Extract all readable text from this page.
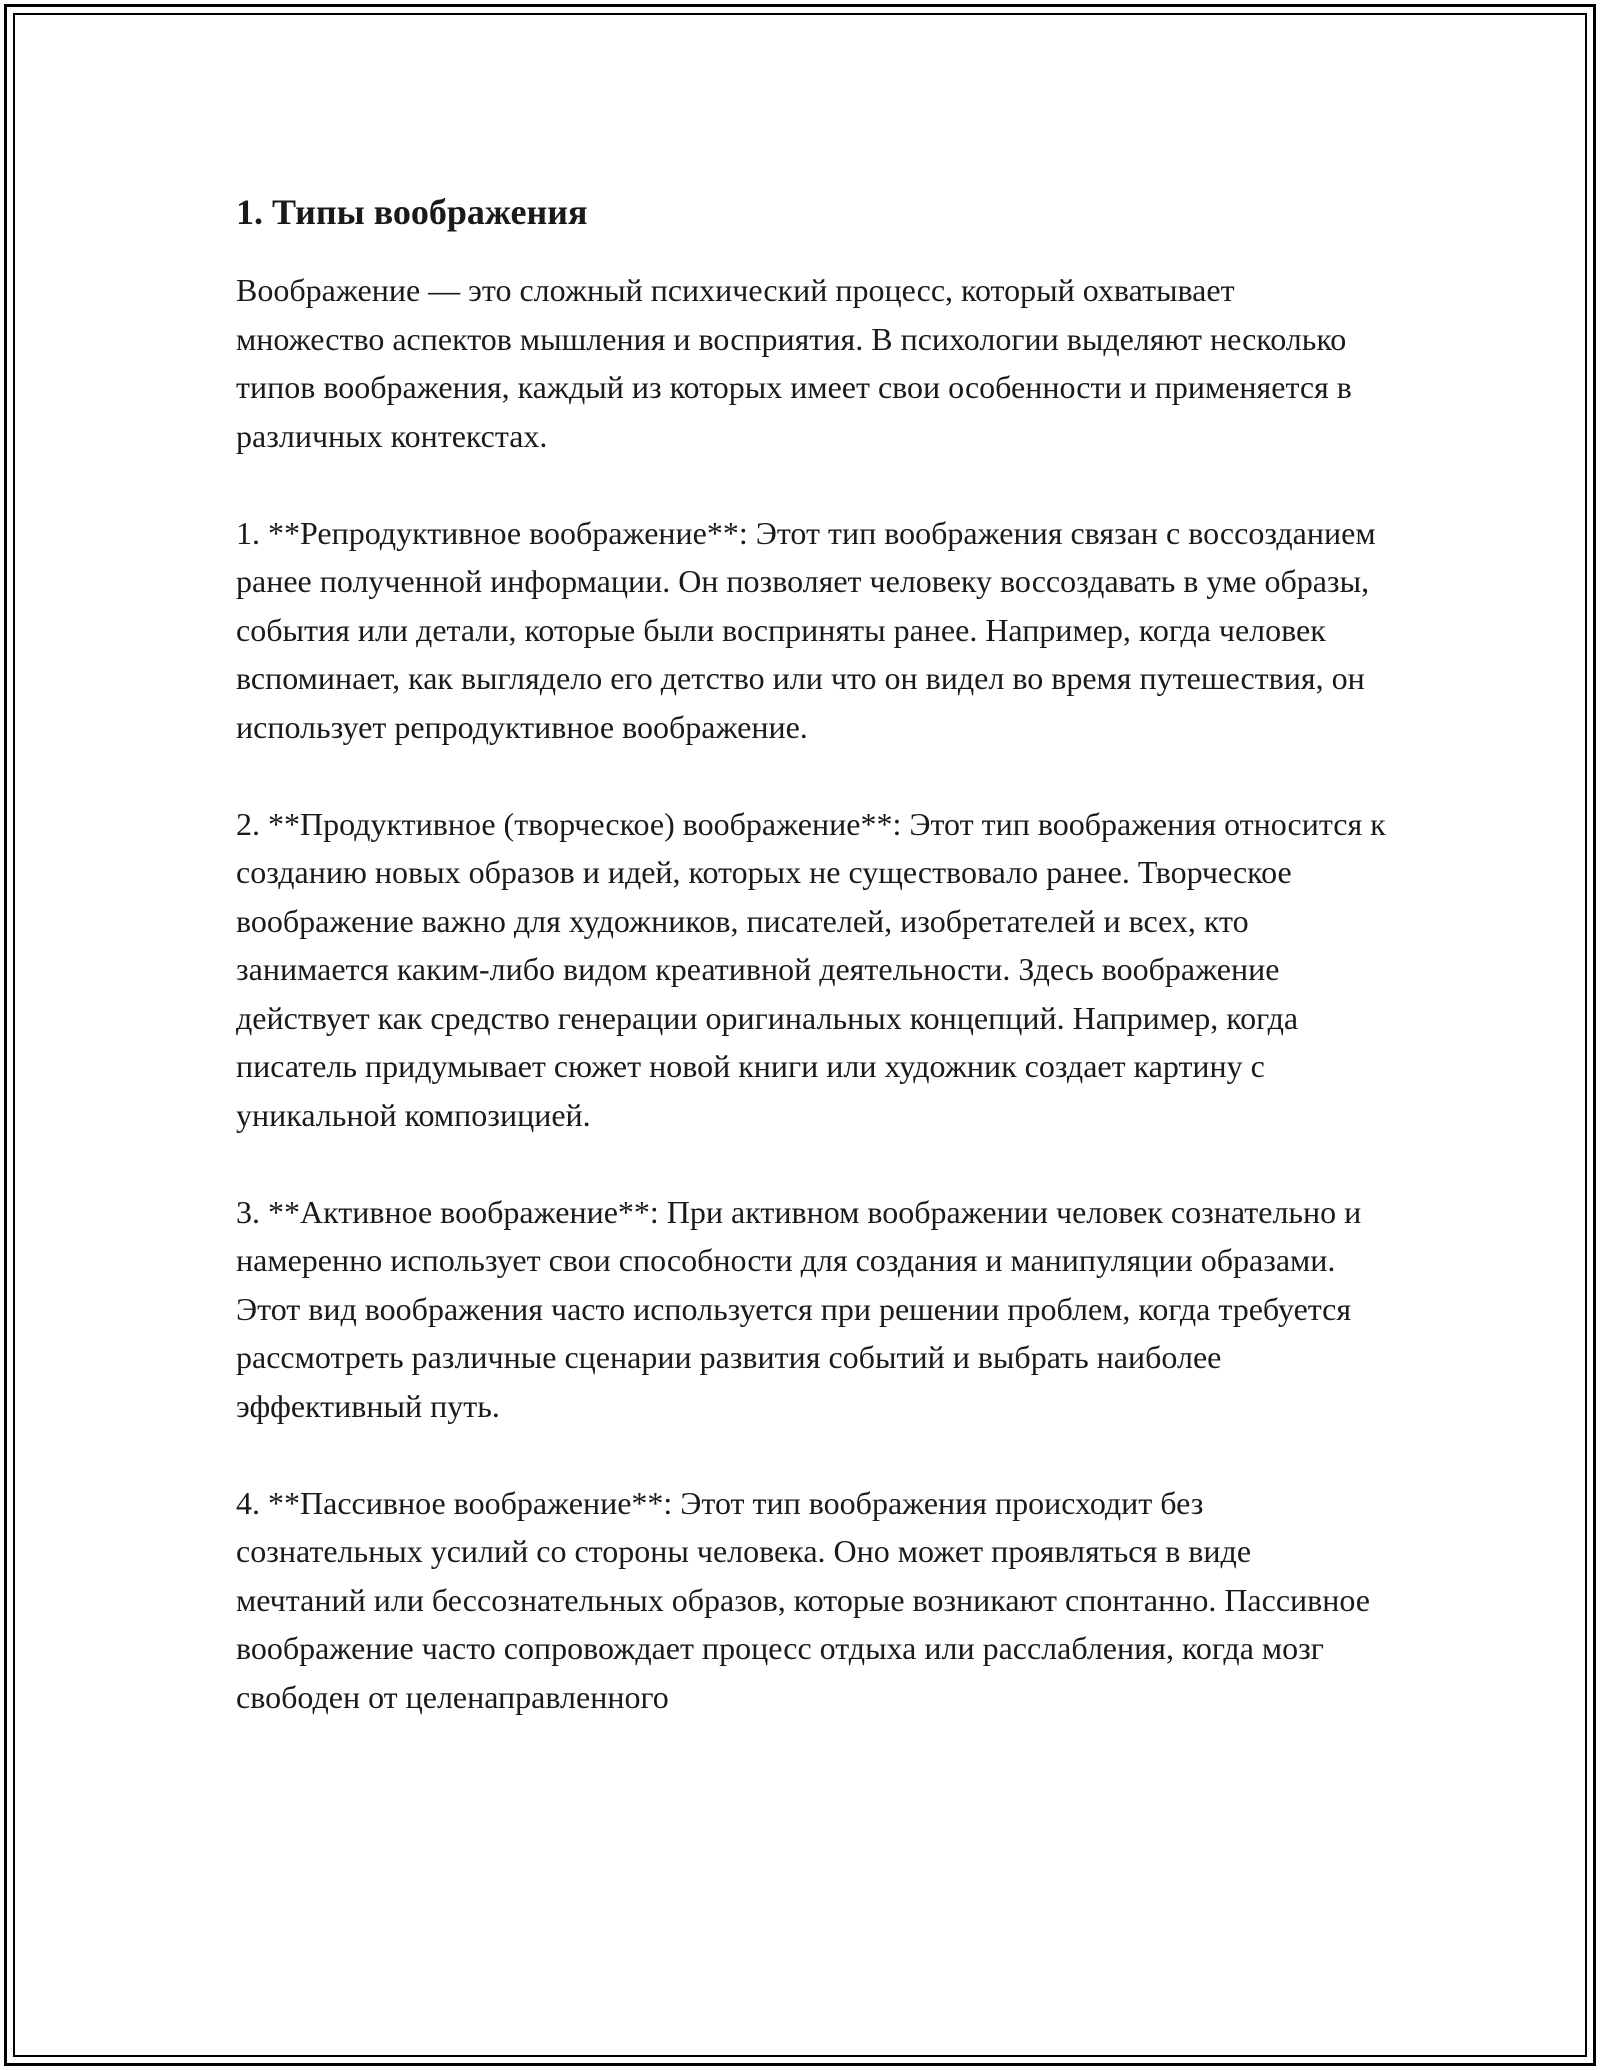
1. Типы воображения

Воображение — это сложный психический процесс, который охватывает множество аспектов мышления и восприятия. В психологии выделяют несколько типов воображения, каждый из которых имеет свои особенности и применяется в различных контекстах.

1. **Репродуктивное воображение**: Этот тип воображения связан с воссозданием ранее полученной информации. Он позволяет человеку воссоздавать в уме образы, события или детали, которые были восприняты ранее. Например, когда человек вспоминает, как выглядело его детство или что он видел во время путешествия, он использует репродуктивное воображение.

2. **Продуктивное (творческое) воображение**: Этот тип воображения относится к созданию новых образов и идей, которых не существовало ранее. Творческое воображение важно для художников, писателей, изобретателей и всех, кто занимается каким-либо видом креативной деятельности. Здесь воображение действует как средство генерации оригинальных концепций. Например, когда писатель придумывает сюжет новой книги или художник создает картину с уникальной композицией.

3. **Активное воображение**: При активном воображении человек сознательно и намеренно использует свои способности для создания и манипуляции образами. Этот вид воображения часто используется при решении проблем, когда требуется рассмотреть различные сценарии развития событий и выбрать наиболее эффективный путь.

4. **Пассивное воображение**: Этот тип воображения происходит без сознательных усилий со стороны человека. Оно может проявляться в виде мечтаний или бессознательных образов, которые возникают спонтанно. Пассивное воображение часто сопровождает процесс отдыха или расслабления, когда мозг свободен от целенаправленного
